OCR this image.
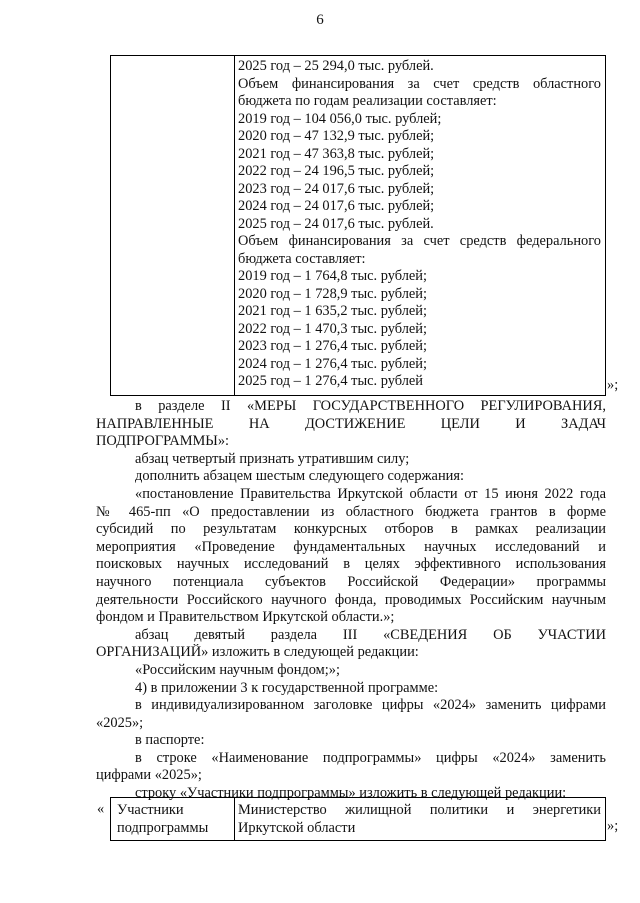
6
2025 год – 25 294,0 тыс. рублей.
Объем финансирования за счет средств областного
бюджета по годам реализации составляет:
2019 год – 104 056,0 тыс. рублей;
2020 год – 47 132,9 тыс. рублей;
2021 год – 47 363,8 тыс. рублей;
2022 год – 24 196,5 тыс. рублей;
2023 год – 24 017,6 тыс. рублей;
2024 год – 24 017,6 тыс. рублей;
2025 год – 24 017,6 тыс. рублей.
Объем финансирования за счет средств федерального
бюджета составляет:
2019 год – 1 764,8 тыс. рублей;
2020 год – 1 728,9 тыс. рублей;
2021 год – 1 635,2 тыс. рублей;
2022 год – 1 470,3 тыс. рублей;
2023 год – 1 276,4 тыс. рублей;
2024 год – 1 276,4 тыс. рублей;
2025 год – 1 276,4 тыс. рублей	»;
в разделе II «МЕРЫ ГОСУДАРСТВЕННОГО РЕГУЛИРОВАНИЯ,
НАПРАВЛЕННЫЕ НА ДОСТИЖЕНИЕ ЦЕЛИ И ЗАДАЧ
ПОДПРОГРАММЫ»:
абзац четвертый признать утратившим силу;
дополнить абзацем шестым следующего содержания:
«постановление Правительства Иркутской области от 15 июня 2022 года
№ 465-пп «О предоставлении из областного бюджета грантов в форме
субсидий по результатам конкурсных отборов в рамках реализации
мероприятия «Проведение фундаментальных научных исследований и
поисковых научных исследований в целях эффективного использования
научного потенциала субъектов Российской Федерации» программы
деятельности Российского научного фонда, проводимых Российским научным
фондом и Правительством Иркутской области.»;
абзац девятый раздела III «СВЕДЕНИЯ ОБ УЧАСТИИ
ОРГАНИЗАЦИЙ» изложить в следующей редакции:
«Российским научным фондом;»;
4) в приложении 3 к государственной программе:
в индивидуализированном заголовке цифры «2024» заменить цифрами
«2025»;
в паспорте:
в строке «Наименование подпрограммы» цифры «2024» заменить
цифрами «2025»;
строку «Участники подпрограммы» изложить в следующей редакции:
« Участники
подпрограммы
Министерство жилищной политики и энергетики
Иркутской области	»;
